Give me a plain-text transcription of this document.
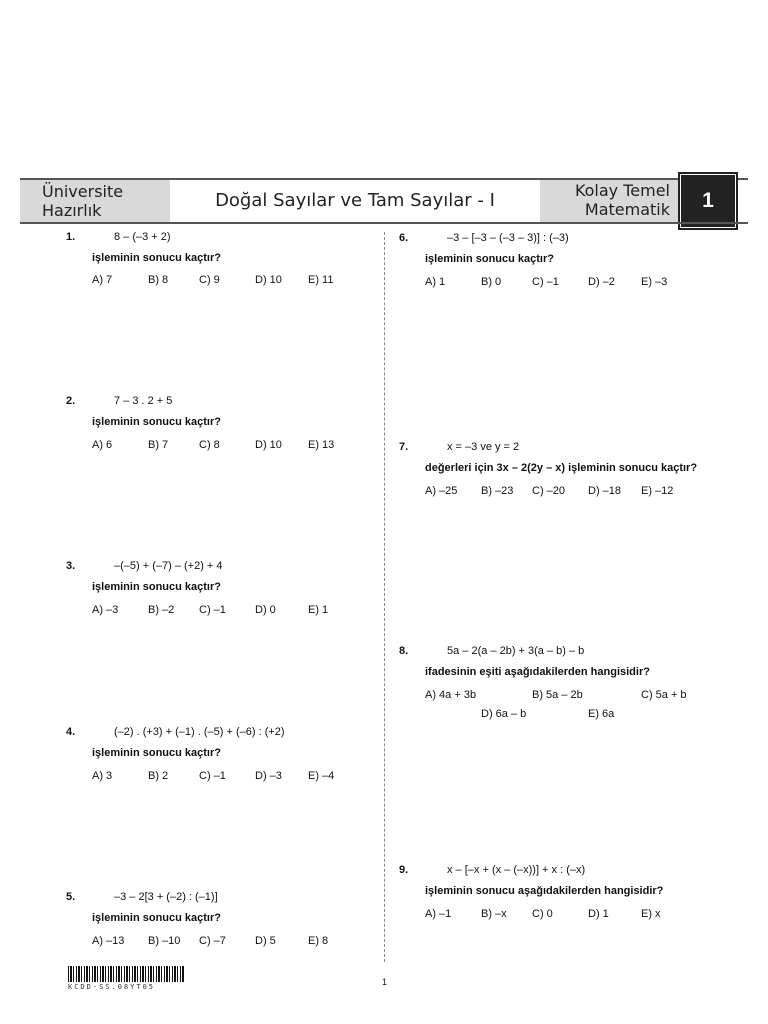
Üniversite
Hazırlık	Doğal Sayılar ve Tam Sayılar - I	Kolay Temel
Matematik	1
1.	8 – (–3 + 2)
işleminin sonucu kaçtır?
A) 7	B) 8	C) 9	D) 10 E) 11
2.	7 – 3 . 2 + 5
işleminin sonucu kaçtır?
A) 6	B) 7	C) 8	D) 10 E) 13
3.	–(–5) + (–7) – (+2) + 4
işleminin sonucu kaçtır?
A) –3	B) –2 C) –1	D) 0	E) 1
4.	(–2) . (+3) + (–1) . (–5) + (–6) : (+2)
işleminin sonucu kaçtır?
A) 3	B) 2	C) –1	D) –3 E) –4
5.	–3 – 2[3 + (–2) : (–1)]
işleminin sonucu kaçtır?
A) –13 B) –10 C) –7	D) 5	E) 8
6.	–3 – [–3 – (–3 – 3)] : (–3)
işleminin sonucu kaçtır?
A) 1	B) 0	C) –1	D) –2 E) –3
7.	x = –3 ve y = 2
değerleri için 3x – 2(2y – x) işleminin sonucu kaçtır?
A) –25 B) –23 C) –20 D) –18 E) –12
8.	5a – 2(a – 2b) + 3(a – b) – b
ifadesinin eşiti aşağıdakilerden hangisidir?
A) 4a + 3b	B) 5a – 2b	C) 5a + b
D) 6a – b	E) 6a
9.	x – [–x + (x – (–x))] + x : (–x)
işleminin sonucu aşağıdakilerden hangisidir?
A) –1	B) –x C) 0	D) 1	E) x
KCDD-SS.08YT05	1
